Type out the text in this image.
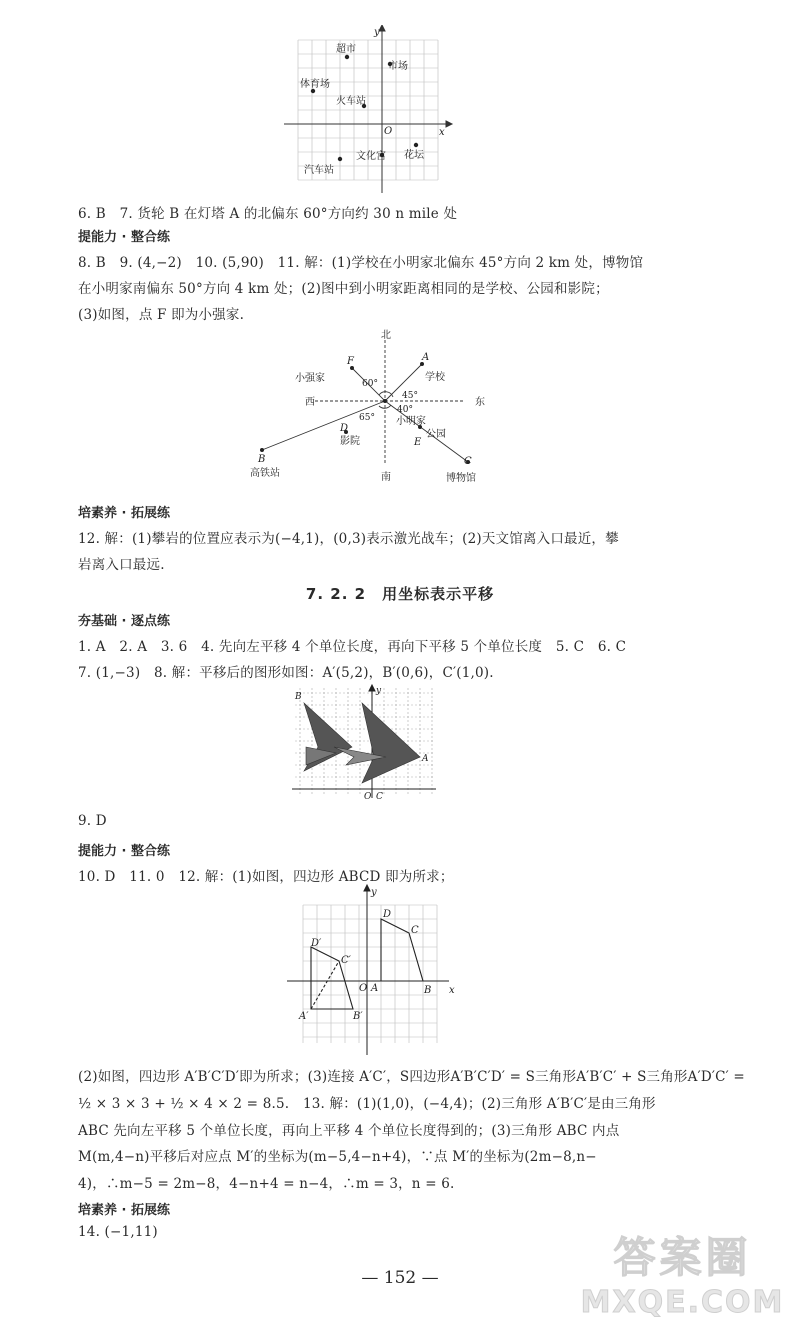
超市
市场
体育场
火车站
文化宫 花坛
汽车站
O	x
y
6. B　7. 货轮 B 在灯塔 A 的北偏东 60°方向约 30 n mile 处
提能力 · 整合练
8. B　9. (4,−2)　10. (5,90)　11. 解：(1)学校在小明家北偏东 45°方向 2 km 处，博物馆
在小明家南偏东 50°方向 4 km 处；(2)图中到小明家距离相同的是学校、公园和影院；
(3)如图，点 F 即为小强家.
北
南
东
西
小强家	学校
小明家
影院
公园
高铁站	博物馆
F	A
D
E
B	C
60°
45°
40°
65°
培素养 · 拓展练
12. 解：(1)攀岩的位置应表示为(−4,1)，(0,3)表示激光战车；(2)天文馆离入口最近，攀
岩离入口最远.
7. 2. 2　用坐标表示平移
夯基础 · 逐点练
1. A　2. A　3. 6　4. 先向左平移 4 个单位长度，再向下平移 5 个单位长度　5. C　6. C
7. (1,−3)　8. 解：平移后的图形如图：A′(5,2)，B′(0,6)，C′(1,0).
B
y
A
O C
9. D
提能力 · 整合练
10. D　11. 0　12. 解：(1)如图，四边形 ABCD 即为所求；
y
x
D
C
D′
C′
O A	B
A′	B′
(2)如图，四边形 A′B′C′D′即为所求；(3)连接 A′C′，S四边形A′B′C′D′ = S三角形A′B′C′ + S三角形A′D′C′ =
½ × 3 × 3 + ½ × 4 × 2 = 8.5.　13. 解：(1)(1,0)，(−4,4)；(2)三角形 A′B′C′是由三角形
ABC 先向左平移 5 个单位长度，再向上平移 4 个单位长度得到的；(3)三角形 ABC 内点
M(m,4−n)平移后对应点 M′的坐标为(m−5,4−n+4)，∵点 M′的坐标为(2m−8,n−
4)，∴m−5 = 2m−8，4−n+4 = n−4，∴m = 3，n = 6.
培素养 · 拓展练
14. (−1,11)
— 152 —	答案圈
MXQE.COM
